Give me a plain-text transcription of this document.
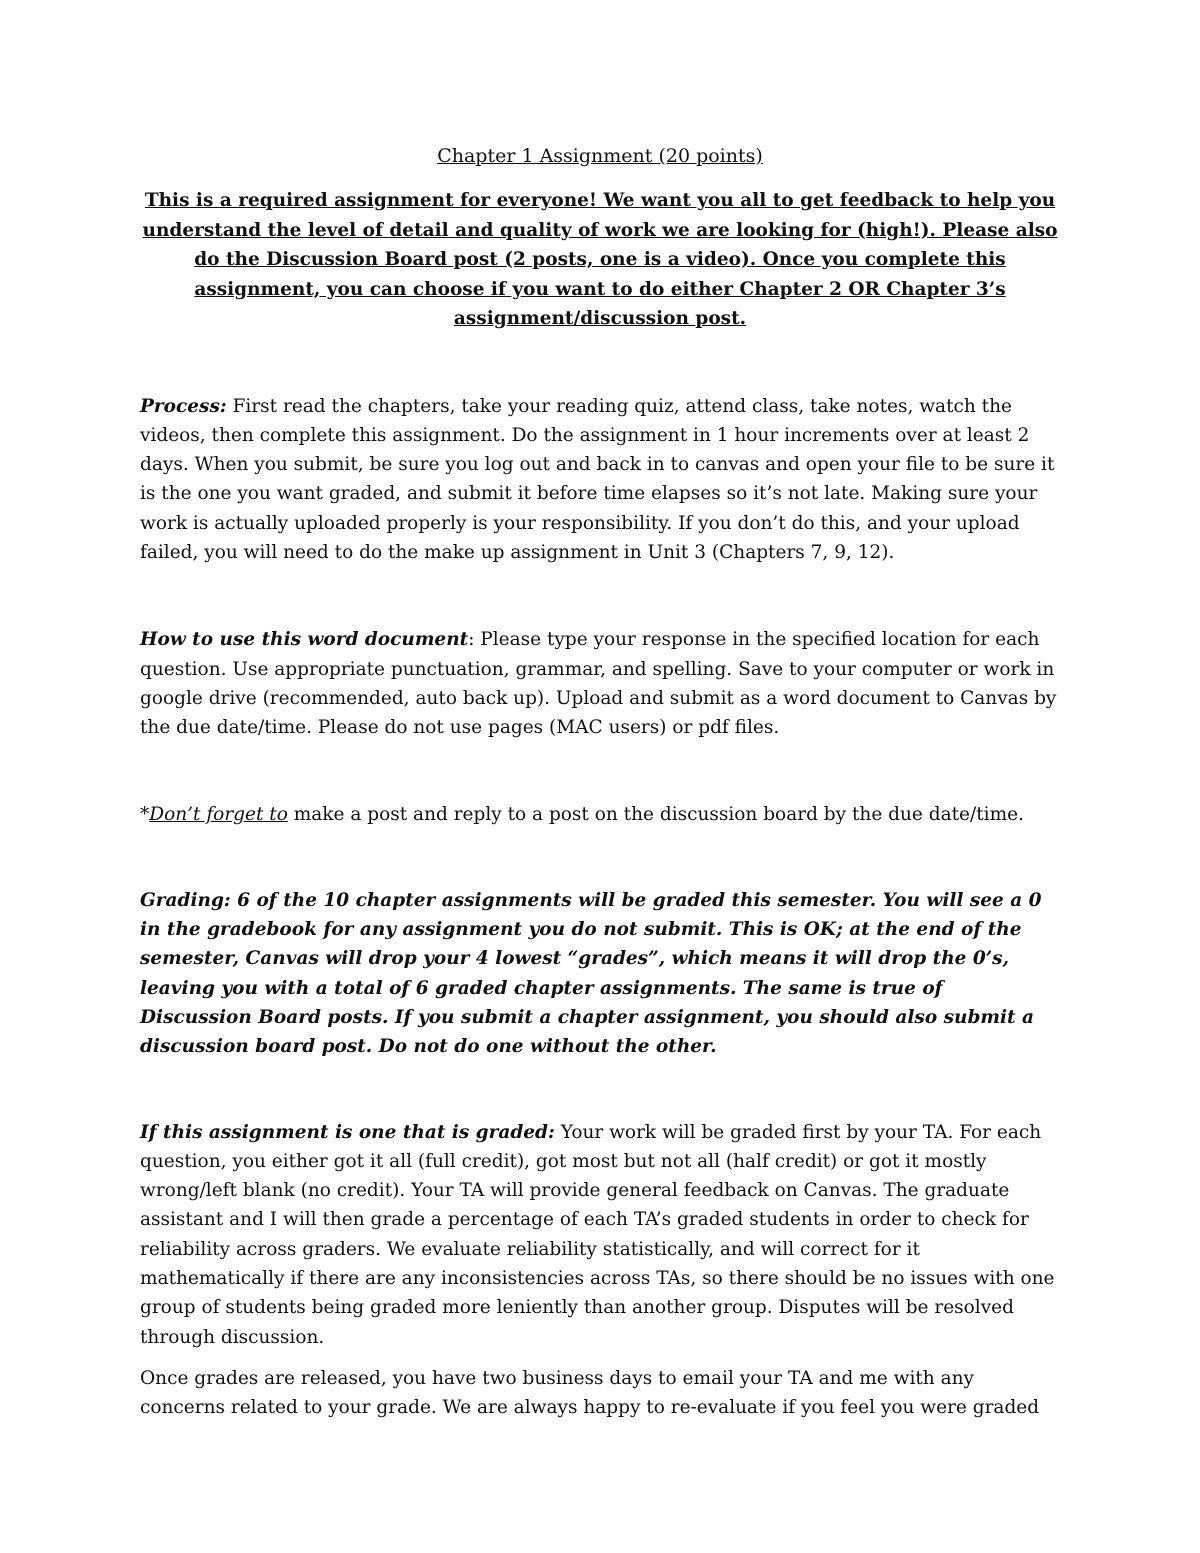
Chapter 1 Assignment (20 points)

This is a required assignment for everyone! We want you all to get feedback to help you understand the level of detail and quality of work we are looking for (high!). Please also do the Discussion Board post (2 posts, one is a video). Once you complete this assignment, you can choose if you want to do either Chapter 2 OR Chapter 3’s assignment/discussion post.

Process: First read the chapters, take your reading quiz, attend class, take notes, watch the videos, then complete this assignment. Do the assignment in 1 hour increments over at least 2 days. When you submit, be sure you log out and back in to canvas and open your file to be sure it is the one you want graded, and submit it before time elapses so it’s not late. Making sure your work is actually uploaded properly is your responsibility. If you don’t do this, and your upload failed, you will need to do the make up assignment in Unit 3 (Chapters 7, 9, 12).

How to use this word document: Please type your response in the specified location for each question. Use appropriate punctuation, grammar, and spelling. Save to your computer or work in google drive (recommended, auto back up). Upload and submit as a word document to Canvas by the due date/time. Please do not use pages (MAC users) or pdf files.

*Don’t forget to make a post and reply to a post on the discussion board by the due date/time.

Grading: 6 of the 10 chapter assignments will be graded this semester. You will see a 0 in the gradebook for any assignment you do not submit. This is OK; at the end of the semester, Canvas will drop your 4 lowest “grades”, which means it will drop the 0’s, leaving you with a total of 6 graded chapter assignments. The same is true of Discussion Board posts. If you submit a chapter assignment, you should also submit a discussion board post. Do not do one without the other.

If this assignment is one that is graded: Your work will be graded first by your TA. For each question, you either got it all (full credit), got most but not all (half credit) or got it mostly wrong/left blank (no credit). Your TA will provide general feedback on Canvas. The graduate assistant and I will then grade a percentage of each TA’s graded students in order to check for reliability across graders. We evaluate reliability statistically, and will correct for it mathematically if there are any inconsistencies across TAs, so there should be no issues with one group of students being graded more leniently than another group. Disputes will be resolved through discussion.

Once grades are released, you have two business days to email your TA and me with any concerns related to your grade. We are always happy to re-evaluate if you feel you were graded
